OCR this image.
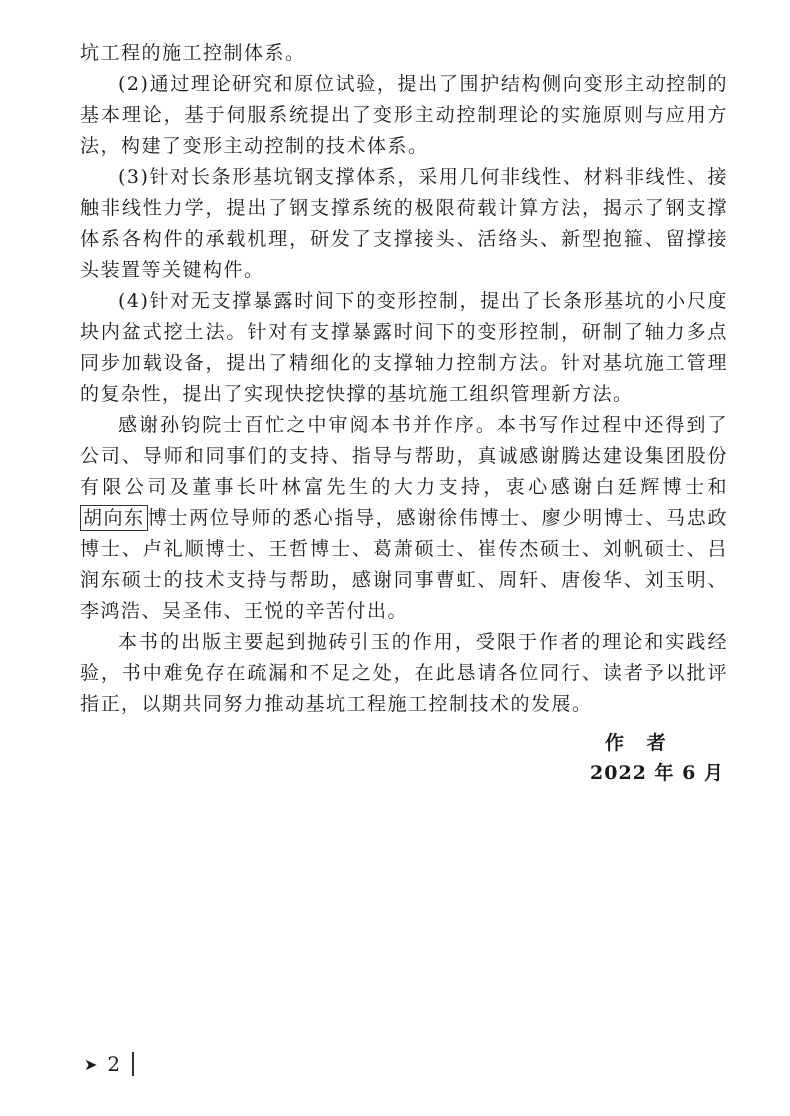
坑工程的施工控制体系。

(2)通过理论研究和原位试验，提出了围护结构侧向变形主动控制的基本理论，基于伺服系统提出了变形主动控制理论的实施原则与应用方法，构建了变形主动控制的技术体系。

(3)针对长条形基坑钢支撑体系，采用几何非线性、材料非线性、接触非线性力学，提出了钢支撑系统的极限荷载计算方法，揭示了钢支撑体系各构件的承载机理，研发了支撑接头、活络头、新型抱箍、留撑接头装置等关键构件。

(4)针对无支撑暴露时间下的变形控制，提出了长条形基坑的小尺度块内盆式挖土法。针对有支撑暴露时间下的变形控制，研制了轴力多点同步加载设备，提出了精细化的支撑轴力控制方法。针对基坑施工管理的复杂性，提出了实现快挖快撑的基坑施工组织管理新方法。

感谢孙钧院士百忙之中审阅本书并作序。本书写作过程中还得到了公司、导师和同事们的支持、指导与帮助，真诚感谢腾达建设集团股份有限公司及董事长叶林富先生的大力支持，衷心感谢白廷辉博士和胡向东 博士两位导师的悉心指导，感谢徐伟博士、廖少明博士、马忠政博士、卢礼顺博士、王哲博士、葛萧硕士、崔传杰硕士、刘帆硕士、吕润东硕士的技术支持与帮助，感谢同事曹虹、周轩、唐俊华、刘玉明、李鸿浩、吴圣伟、王悦的辛苦付出。

本书的出版主要起到抛砖引玉的作用，受限于作者的理论和实践经验，书中难免存在疏漏和不足之处，在此恳请各位同行、读者予以批评指正，以期共同努力推动基坑工程施工控制技术的发展。

作 者
2022 年 6 月
➤ 2
